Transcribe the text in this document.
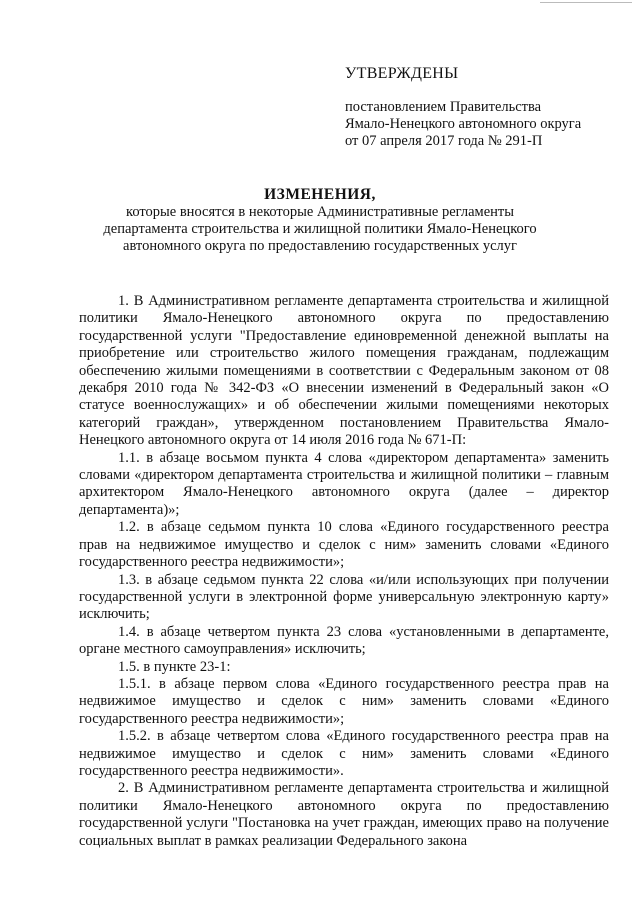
УТВЕРЖДЕНЫ
постановлением Правительства
Ямало-Ненецкого автономного округа
от 07 апреля 2017 года № 291-П
ИЗМЕНЕНИЯ,
которые вносятся в некоторые Административные регламенты
департамента строительства и жилищной политики Ямало-Ненецкого
автономного округа по предоставлению государственных услуг

1. В Административном регламенте департамента строительства и жилищной политики Ямало-Ненецкого автономного округа по предоставлению государственной услуги "Предоставление единовременной денежной выплаты на приобретение или строительство жилого помещения гражданам, подлежащим обеспечению жилыми помещениями в соответствии с Федеральным законом от 08 декабря 2010 года № 342-ФЗ «О внесении изменений в Федеральный закон «О статусе военнослужащих» и об обеспечении жилыми помещениями некоторых категорий граждан», утвержденном постановлением Правительства Ямало-Ненецкого автономного округа от 14 июля 2016 года № 671-П:

1.1. в абзаце восьмом пункта 4 слова «директором департамента» заменить словами «директором департамента строительства и жилищной политики – главным архитектором Ямало-Ненецкого автономного округа (далее – директор департамента)»;

1.2. в абзаце седьмом пункта 10 слова «Единого государственного реестра прав на недвижимое имущество и сделок с ним» заменить словами «Единого государственного реестра недвижимости»;

1.3. в абзаце седьмом пункта 22 слова «и/или использующих при получении государственной услуги в электронной форме универсальную электронную карту» исключить;

1.4. в абзаце четвертом пункта 23 слова «установленными в департаменте, органе местного самоуправления» исключить;

1.5. в пункте 23-1:

1.5.1. в абзаце первом слова «Единого государственного реестра прав на недвижимое имущество и сделок с ним» заменить словами «Единого государственного реестра недвижимости»;

1.5.2. в абзаце четвертом слова «Единого государственного реестра прав на недвижимое имущество и сделок с ним» заменить словами «Единого государственного реестра недвижимости».

2. В Административном регламенте департамента строительства и жилищной политики Ямало-Ненецкого автономного округа по предоставлению государственной услуги "Постановка на учет граждан, имеющих право на получение социальных выплат в рамках реализации Федерального закона
